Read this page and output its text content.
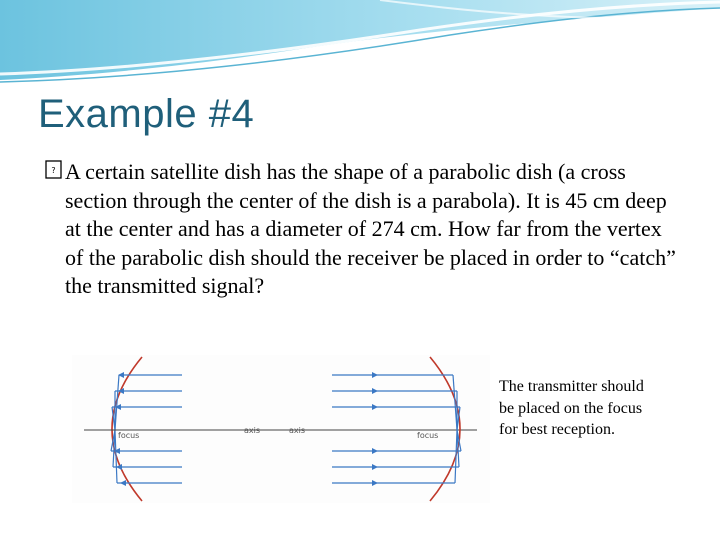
Example #4
? A certain satellite dish has the shape of a parabolic dish (a cross section through the center of the dish is a parabola). It is 45 cm deep at the center and has a diameter of 274 cm. How far from the vertex of the parabolic dish should the receiver be placed in order to “catch” the transmitted signal?
focus
axis
focus
axis
The transmitter should be placed on the focus for best reception.
